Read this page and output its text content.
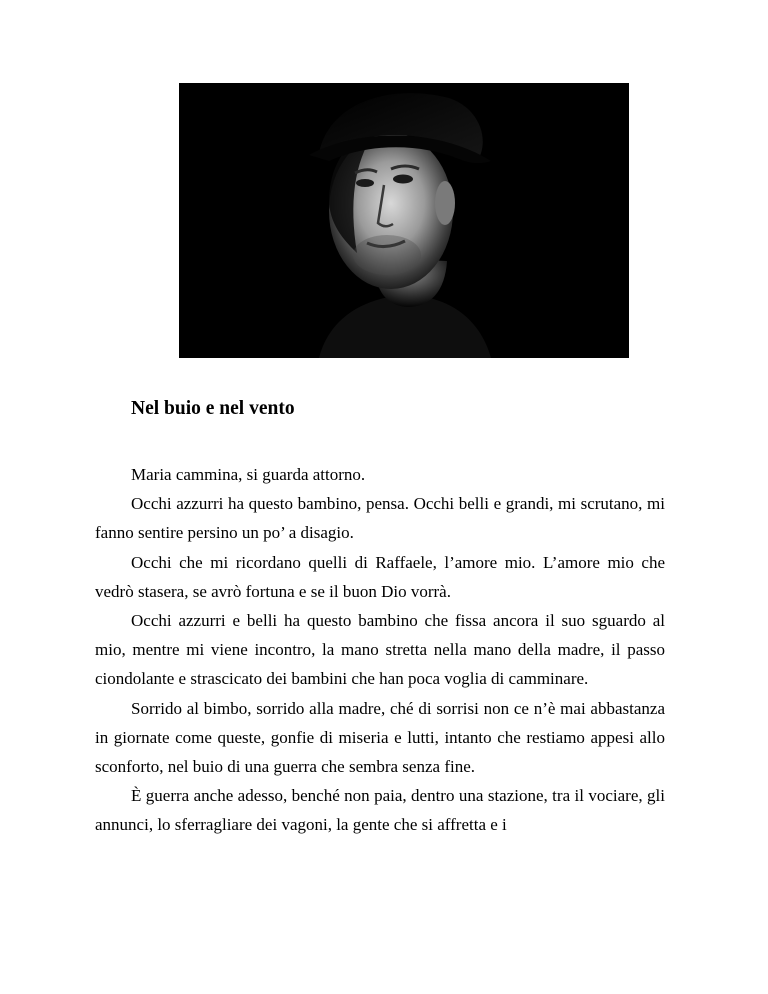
Nel buio e nel vento

Maria cammina, si guarda attorno.

Occhi azzurri ha questo bambino, pensa. Occhi belli e grandi, mi scrutano, mi fanno sentire persino un po’ a disagio.

Occhi che mi ricordano quelli di Raffaele, l’amore mio. L’amore mio che vedrò stasera, se avrò fortuna e se il buon Dio vorrà.

Occhi azzurri e belli ha questo bambino che fissa ancora il suo sguardo al mio, mentre mi viene incontro, la mano stretta nella mano della madre, il passo ciondolante e strascicato dei bambini che han poca voglia di camminare.

Sorrido al bimbo, sorrido alla madre, ché di sorrisi non ce n’è mai abbastanza in giornate come queste, gonfie di miseria e lutti, intanto che restiamo appesi allo sconforto, nel buio di una guerra che sembra senza fine.

È guerra anche adesso, benché non paia, dentro una stazione, tra il vociare, gli annunci, lo sferragliare dei vagoni, la gente che si affretta e i
